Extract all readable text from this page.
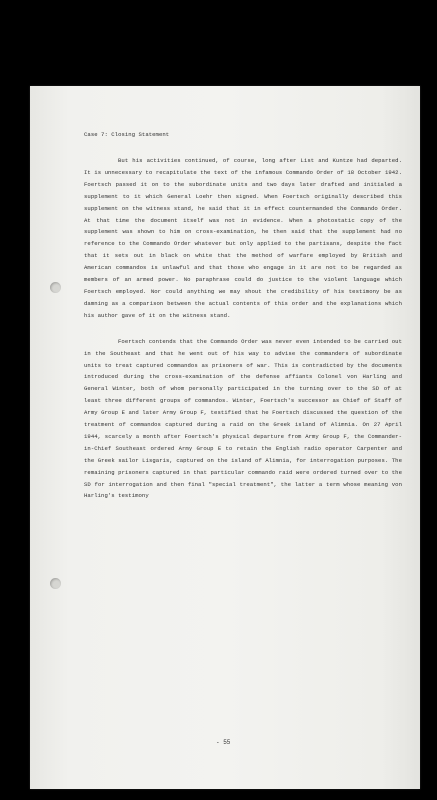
Case 7: Closing Statement

But his activities continued, of course, long after List and Kuntze had departed. It is unnecessary to recapitulate the text of the infamous Commando Order of 18 October 1942. Foertsch passed it on to the subordinate units and two days later drafted and initialed a supplement to it which General Loehr then signed. When Foertsch originally described this supplement on the witness stand, he said that it in effect countermanded the Commando Order. At that time the document itself was not in evidence. When a photostatic copy of the supplement was shown to him on cross-examination, he then said that the supplement had no reference to the Commando Order whatever but only applied to the partisans, despite the fact that it sets out in black on white that the method of warfare employed by British and American commandos is unlawful and that those who engage in it are not to be regarded as members of an armed power. No paraphrase could do justice to the violent language which Foertsch employed. Nor could anything we may shout the credibility of his testimony be as damning as a comparison between the actual contents of this order and the explanations which his author gave of it on the witness stand.

Foertsch contends that the Commando Order was never even intended to be carried out in the Southeast and that he went out of his way to advise the commanders of subordinate units to treat captured commandos as prisoners of war. This is contradicted by the documents introduced during the cross-examination of the defense affiants Colonel von Harling and General Winter, both of whom personally participated in the turning over to the SD of at least three different groups of commandos. Winter, Foertsch's successor as Chief of Staff of Army Group E and later Army Group F, testified that he Foertsch discussed the question of the treatment of commandos captured during a raid on the Greek island of Alimnia. On 27 April 1944, scarcely a month after Foertsch's physical departure from Army Group F, the Commander-in-Chief Southeast ordered Army Group E to retain the English radio operator Carpenter and the Greek sailor Lisgaris, captured on the island of Alimnia, for interrogation purposes. The remaining prisoners captured in that particular commando raid were ordered turned over to the SD for interrogation and then final "special treatment", the latter a term whose meaning von Harling's testimony

- 55
